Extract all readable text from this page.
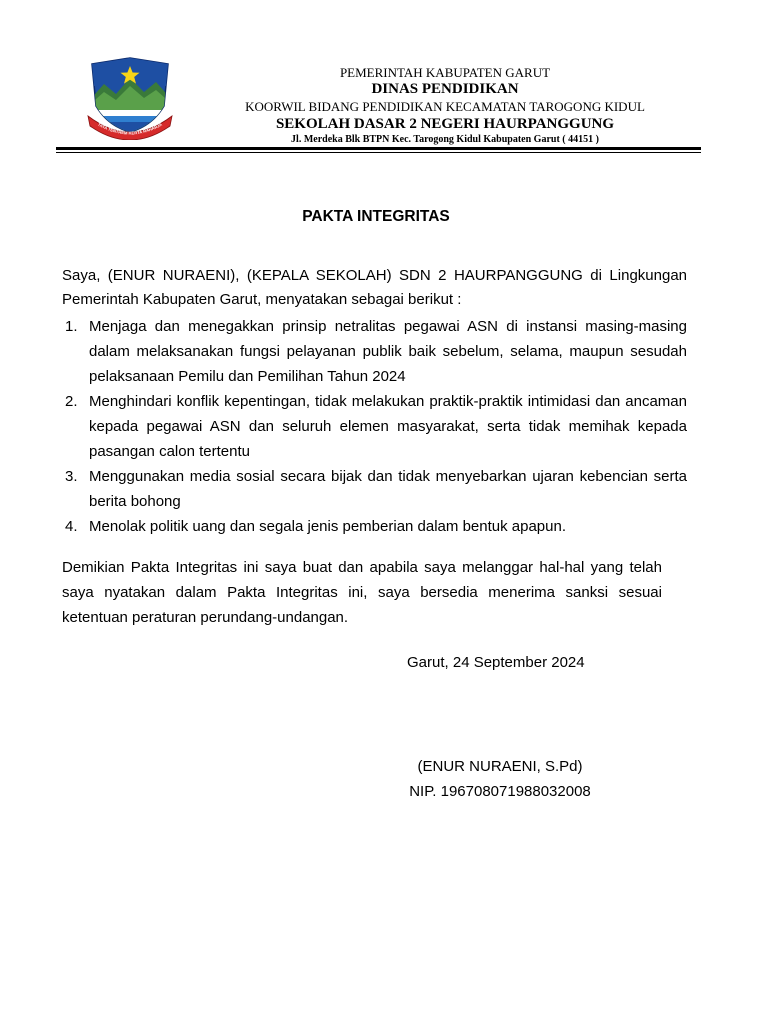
TATA TENTREM KERTA RAHARJA
PEMERINTAH KABUPATEN GARUT
DINAS PENDIDIKAN
KOORWIL BIDANG PENDIDIKAN KECAMATAN TAROGONG KIDUL
SEKOLAH DASAR 2 NEGERI HAURPANGGUNG
Jl. Merdeka Blk BTPN Kec. Tarogong Kidul Kabupaten Garut ( 44151 )
PAKTA INTEGRITAS
Saya, (ENUR NURAENI), (KEPALA SEKOLAH) SDN 2 HAURPANGGUNG di Lingkungan Pemerintah Kabupaten Garut, menyatakan sebagai berikut :
1. Menjaga dan menegakkan prinsip netralitas pegawai ASN di instansi masing-masing dalam melaksanakan fungsi pelayanan publik baik sebelum, selama, maupun sesudah pelaksanaan Pemilu dan Pemilihan Tahun 2024
2. Menghindari konflik kepentingan, tidak melakukan praktik-praktik intimidasi dan ancaman kepada pegawai ASN dan seluruh elemen masyarakat, serta tidak memihak kepada pasangan calon tertentu
3. Menggunakan media sosial secara bijak dan tidak menyebarkan ujaran kebencian serta berita bohong
4. Menolak politik uang dan segala jenis pemberian dalam bentuk apapun.
Demikian Pakta Integritas ini saya buat dan apabila saya melanggar hal-hal yang telah saya nyatakan dalam Pakta Integritas ini, saya bersedia menerima sanksi sesuai ketentuan peraturan perundang-undangan.
Garut, 24 September 2024
(ENUR NURAENI, S.Pd)
NIP. 196708071988032008
